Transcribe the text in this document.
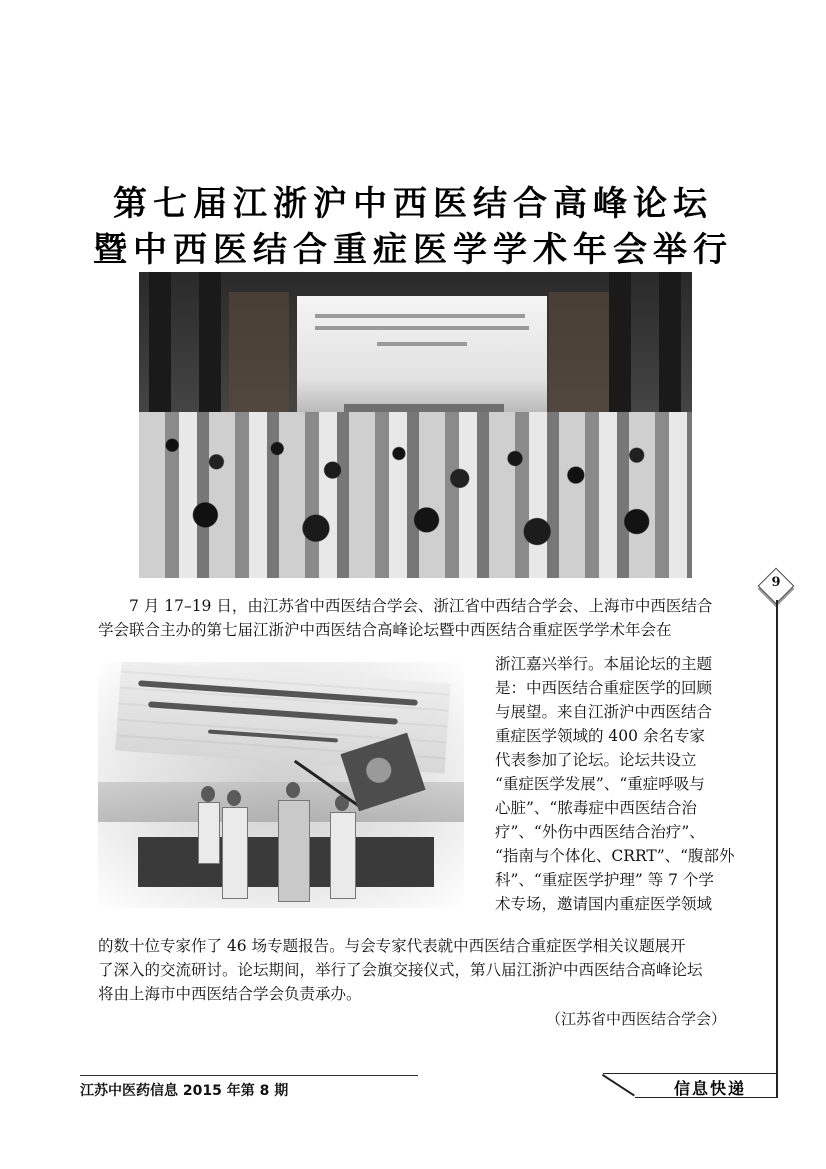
第七届江浙沪中西医结合高峰论坛
暨中西医结合重症医学学术年会举行

7 月 17–19 日，由江苏省中西医结合学会、浙江省中西结合学会、上海市中西医结合
学会联合主办的第七届江浙沪中西医结合高峰论坛暨中西医结合重症医学学术年会在

浙江嘉兴举行。本届论坛的主题
是：中西医结合重症医学的回顾
与展望。来自江浙沪中西医结合
重症医学领域的 400 余名专家
代表参加了论坛。论坛共设立
“重症医学发展”、“重症呼吸与
心脏”、“脓毒症中西医结合治
疗”、“外伤中西医结合治疗”、
“指南与个体化、CRRT”、“腹部外
科”、“重症医学护理” 等 7 个学
术专场，邀请国内重症医学领域

的数十位专家作了 46 场专题报告。与会专家代表就中西医结合重症医学相关议题展开
了深入的交流研讨。论坛期间，举行了会旗交接仪式，第八届江浙沪中西医结合高峰论坛
将由上海市中西医结合学会负责承办。

（江苏省中西医结合学会）
9
江苏中医药信息 2015 年第 8 期	信息快递
